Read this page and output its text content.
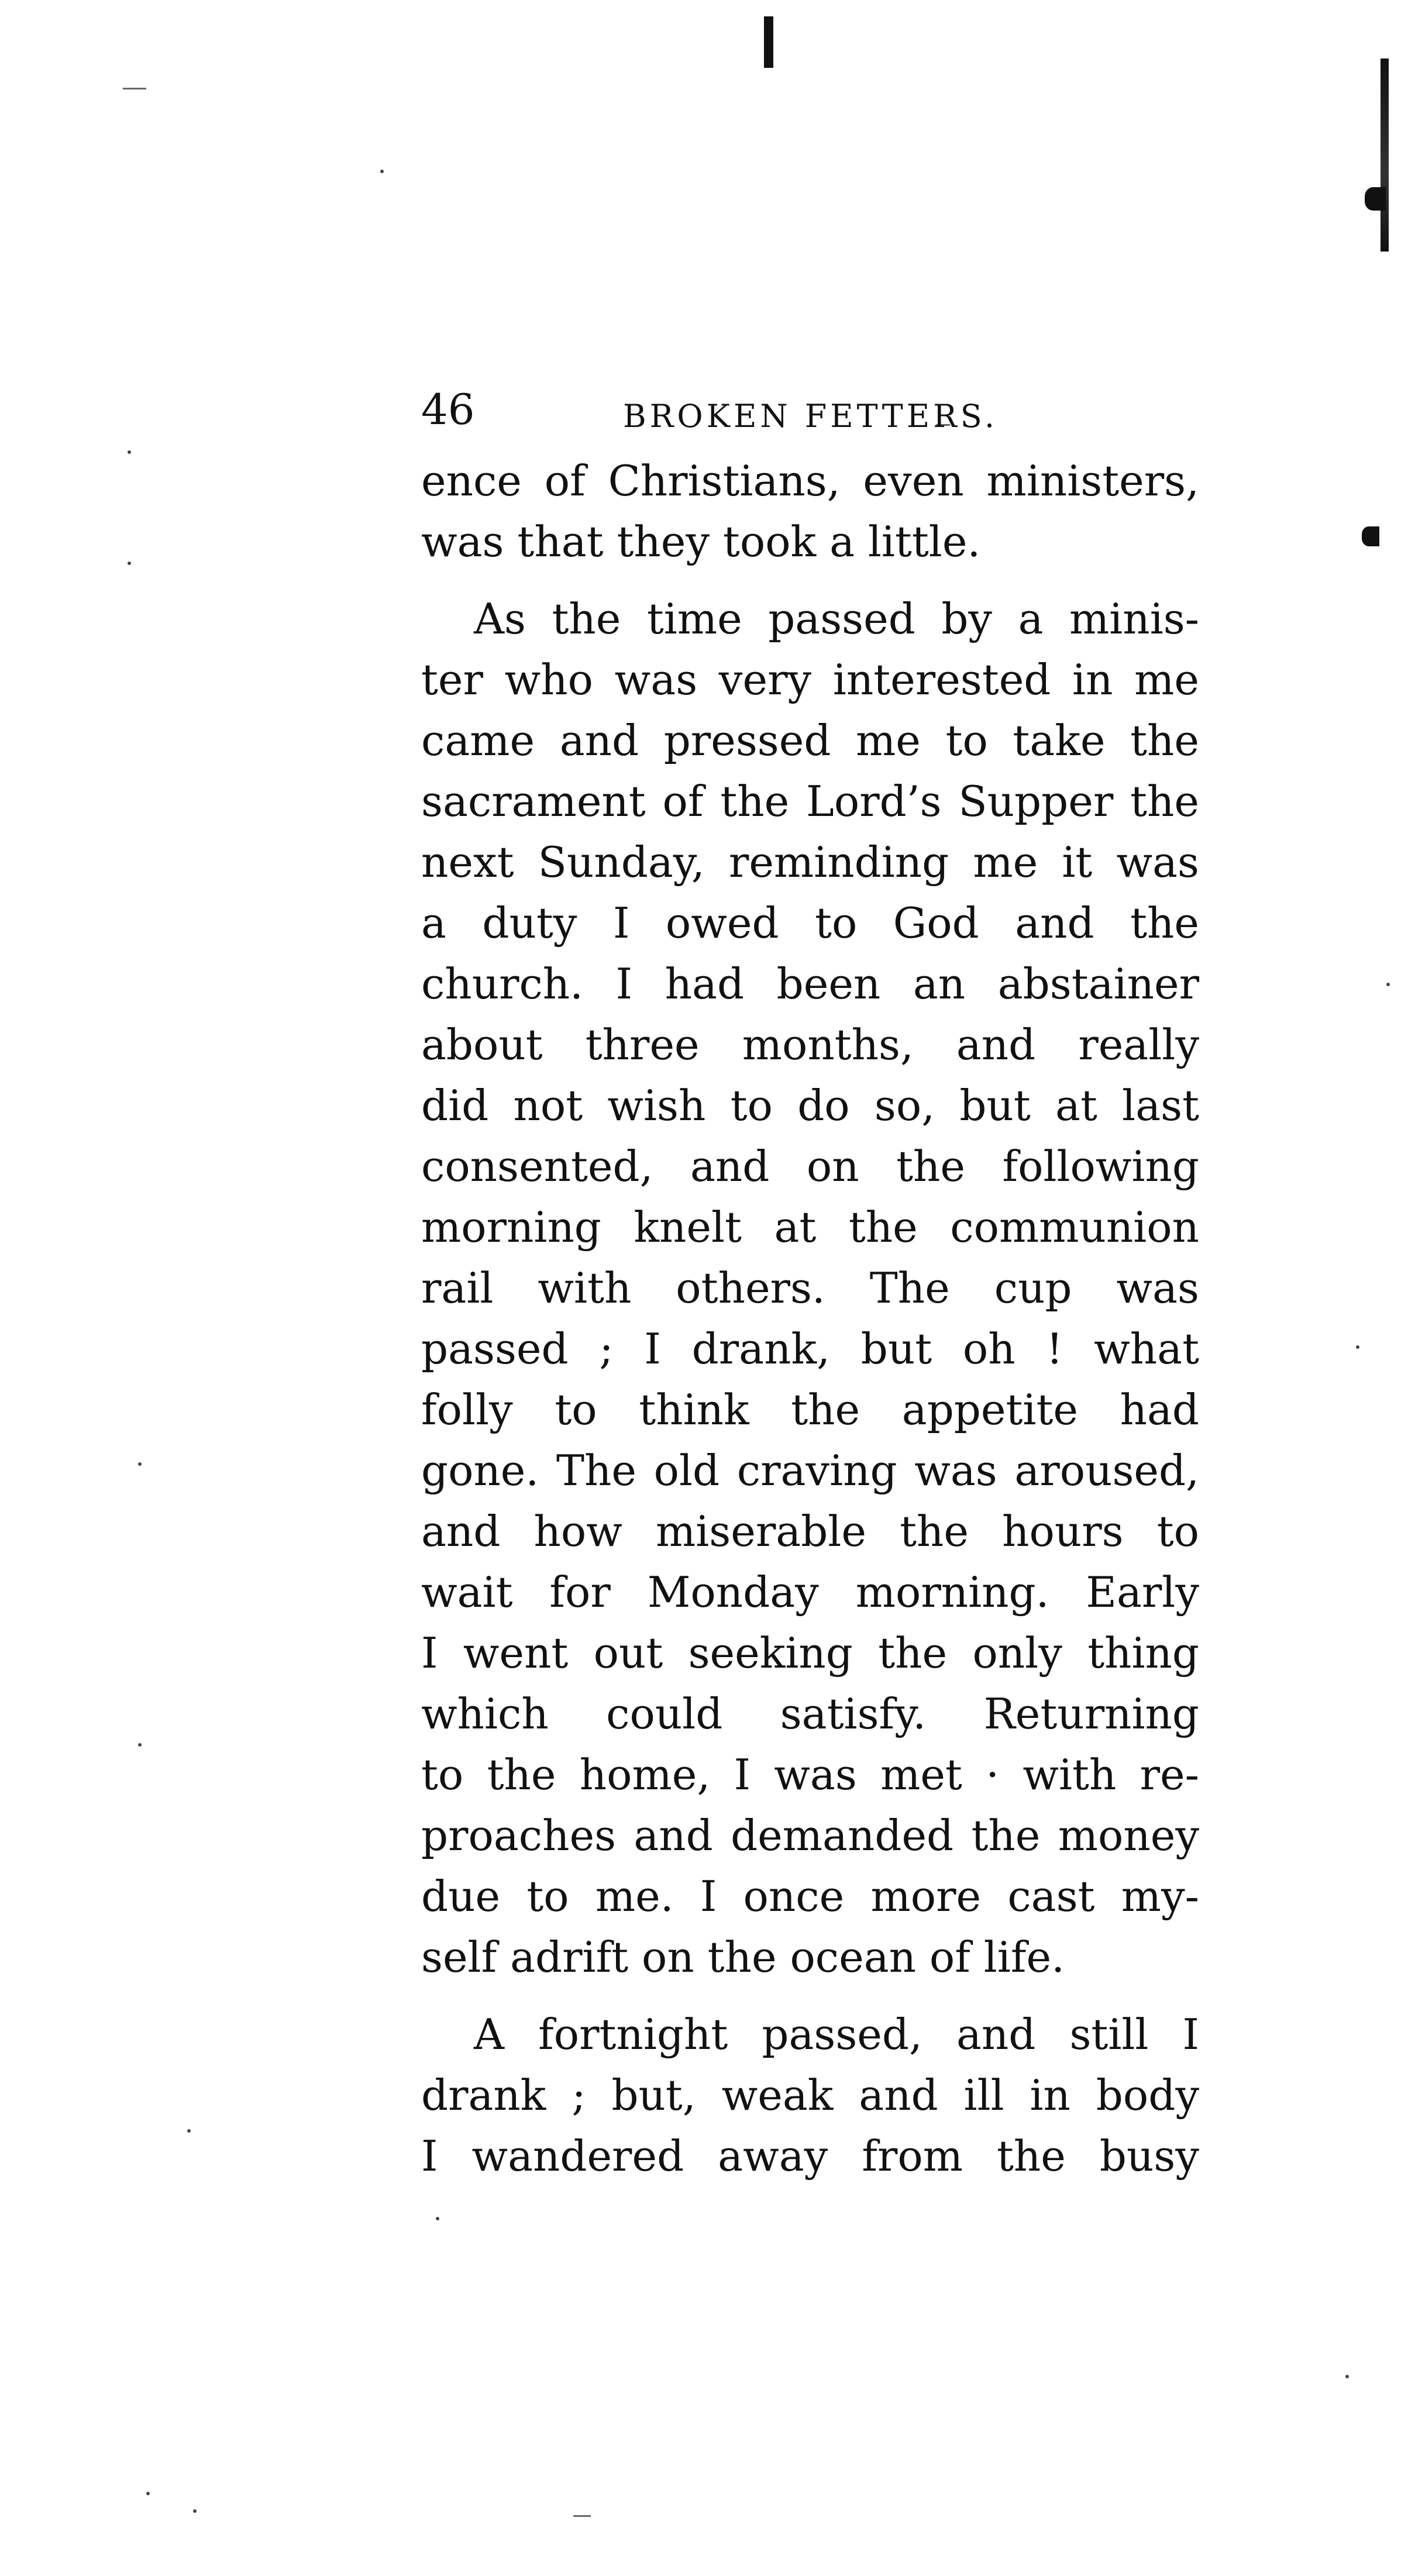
46	BROKEN FETTERS.
ence of Christians, even ministers,
was that they took a little.
As the time passed by a minis-
ter who was very interested in me
came and pressed me to take the
sacrament of the Lord’s Supper the
next Sunday, reminding me it was
a duty I owed to God and the
church. I had been an abstainer
about three months, and really
did not wish to do so, but at last
consented, and on the following
morning knelt at the communion
rail with others. The cup was
passed ; I drank, but oh ! what
folly to think the appetite had
gone. The old craving was aroused,
and how miserable the hours to
wait for Monday morning. Early
I went out seeking the only thing
which could satisfy. Returning
to the home, I was met · with re-
proaches and demanded the money
due to me. I once more cast my-
self adrift on the ocean of life.
A fortnight passed, and still I
drank ; but, weak and ill in body
I wandered away from the busy
